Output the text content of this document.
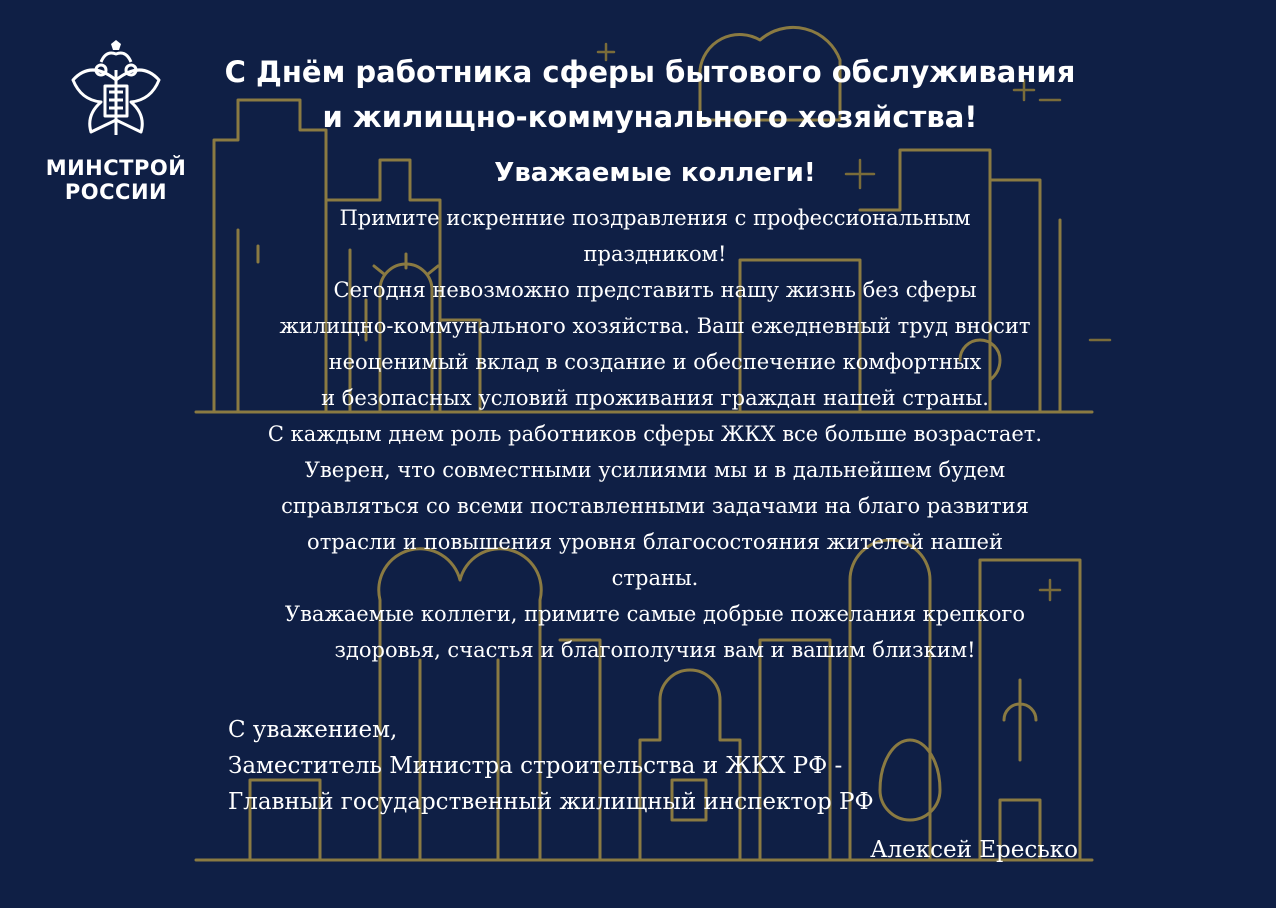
МИНСТРОЙ
РОССИИ
С Днём работника сферы бытового обслуживания
и жилищно-коммунального хозяйства!
Уважаемые коллеги!

Примите искренние поздравления с профессиональным

праздником!

Сегодня невозможно представить нашу жизнь без сферы

жилищно-коммунального хозяйства. Ваш ежедневный труд вносит

неоценимый вклад в создание и обеспечение комфортных

и безопасных условий проживания граждан нашей страны.

С каждым днем роль работников сферы ЖКХ все больше возрастает.

Уверен, что совместными усилиями мы и в дальнейшем будем

справляться со всеми поставленными задачами на благо развития

отрасли и повышения уровня благосостояния жителей нашей

страны.

Уважаемые коллеги, примите самые добрые пожелания крепкого

здоровья, счастья и благополучия вам и вашим близким!

С уважением,
Заместитель Министра строительства и ЖКХ РФ -
Главный государственный жилищный инспектор РФ
Алексей Ересько
